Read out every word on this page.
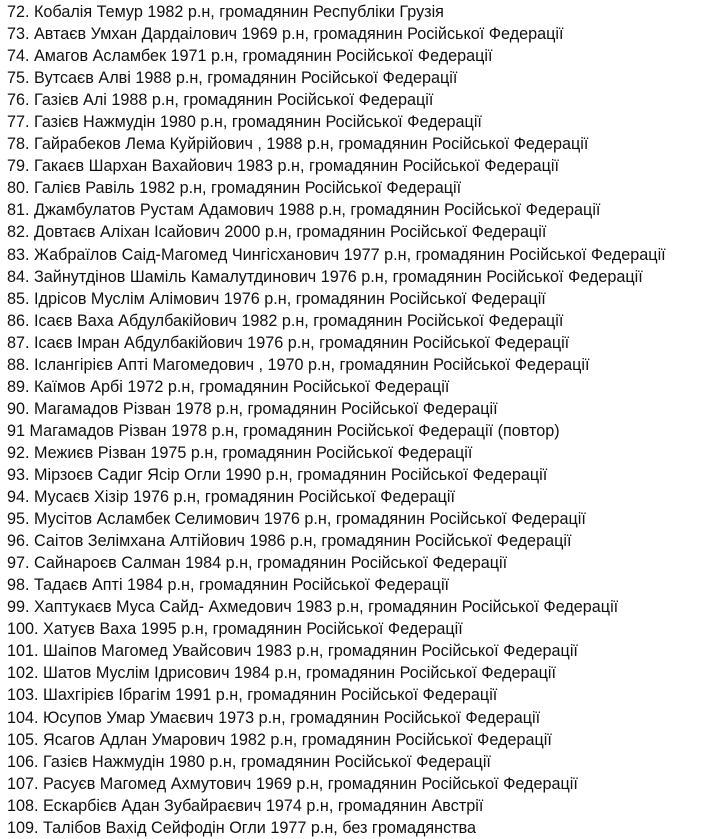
72. Кобалія Темур 1982 р.н, громадянин Республіки Грузія
73. Автаєв Умхан Дардаілович 1969 р.н, громадянин Російської Федерації
74. Амагов Асламбек 1971 р.н, громадянин Російської Федерації
75. Вутсаєв Алві 1988 р.н, громадянин Російської Федерації
76. Газієв Алі 1988 р.н, громадянин Російської Федерації
77. Газієв Нажмудін 1980 р.н, громадянин Російської Федерації
78. Гайрабеков Лема Куйрійович , 1988 р.н, громадянин Російської Федерації
79. Гакаєв Шархан Вахайович 1983 р.н, громадянин Російської Федерації
80. Галієв Равіль 1982 р.н, громадянин Російської Федерації
81. Джамбулатов Рустам Адамович 1988 р.н, громадянин Російської Федерації
82. Довтаєв Аліхан Ісайович 2000 р.н, громадянин Російської Федерації
83. Жабраїлов Саід-Магомед Чингісханович 1977 р.н, громадянин Російської Федерації
84. Зайнутдінов Шаміль Камалутдинович 1976 р.н, громадянин Російської Федерації
85. Ідрісов Муслім Алімович 1976 р.н, громадянин Російської Федерації
86. Ісаєв Ваха Абдулбакійович 1982 р.н, громадянин Російської Федерації
87. Ісаєв Імран Абдулбакійович 1976 р.н, громадянин Російської Федерації
88. Іслангірієв Апті Магомедович , 1970 р.н, громадянин Російської Федерації
89. Каїмов Арбі 1972 р.н, громадянин Російської Федерації
90. Магамадов Різван 1978 р.н, громадянин Російської Федерації
91 Магамадов Різван 1978 р.н, громадянин Російської Федерації (повтор)
92. Межиєв Різван 1975 р.н, громадянин Російської Федерації
93. Мірзоєв Садиг Ясір Огли 1990 р.н, громадянин Російської Федерації
94. Мусаєв Хізір 1976 р.н, громадянин Російської Федерації
95. Мусітов Асламбек Селимович 1976 р.н, громадянин Російської Федерації
96. Саітов Зелімхана Алтійович 1986 р.н, громадянин Російської Федерації
97. Сайнароєв Салман 1984 р.н, громадянин Російської Федерації
98. Тадаєв Апті 1984 р.н, громадянин Російської Федерації
99. Хаптукаєв Муса Сайд- Ахмедович 1983 р.н, громадянин Російської Федерації
100. Хатуєв Ваха 1995 р.н, громадянин Російської Федерації
101. Шаіпов Магомед Увайсович 1983 р.н, громадянин Російської Федерації
102. Шатов Муслім Ідрисович 1984 р.н, громадянин Російської Федерації
103. Шахгірієв Ібрагім 1991 р.н, громадянин Російської Федерації
104. Юсупов Умар Умаєвич 1973 р.н, громадянин Російської Федерації
105. Ясагов Адлан Умарович 1982 р.н, громадянин Російської Федерації
106. Газієв Нажмудін 1980 р.н, громадянин Російської Федерації
107. Расуєв Магомед Ахмутович 1969 р.н, громадянин Російської Федерації
108. Ескарбієв Адан Зубайраєвич 1974 р.н, громадянин Австрії
109. Талібов Вахід Сейфодін Огли 1977 р.н, без громадянства
